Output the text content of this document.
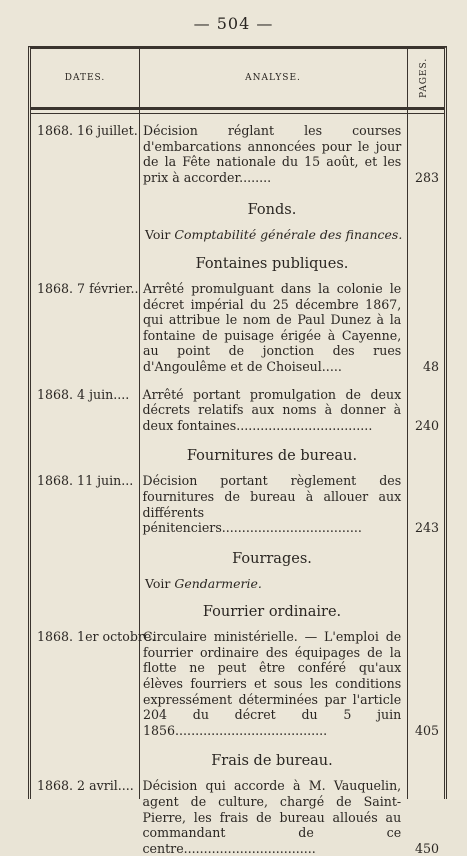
— 504 —
DATES.	ANALYSE.	PAGES.
1868. 16 juillet. Décision réglant les courses d'embarcations annoncées pour le jour de la Fête nationale du 15 août, et les prix à accorder........	283
Fonds.
Voir Comptabilité générale des finances.
Fontaines publiques.
1868. 7 février.. Arrêté promulguant dans la colonie le décret impérial du 25 décembre 1867, qui attribue le nom de Paul Dunez à la fontaine de puisage érigée à Cayenne, au point de jonction des rues d'Angoulême et de Choiseul.....	48
1868. 4 juin....	Arrêté portant promulgation de deux décrets relatifs aux noms à donner à deux fontaines..................................	240
Fournitures de bureau.
1868. 11 juin... Décision portant règlement des fournitures de bureau à allouer aux différents pénitenciers...................................	243
Fourrages.
Voir Gendarmerie.
Fourrier ordinaire.
1868. 1er octobre.
Circulaire ministérielle. — L'emploi de fourrier ordinaire des équipages de la flotte ne peut être conféré qu'aux élèves fourriers et sous les conditions expressément déterminées par l'article 204 du décret du 5 juin 1856......................................	405
Frais de bureau.
1868. 2 avril.... Décision qui accorde à M. Vauquelin, agent de culture, chargé de Saint-Pierre, les frais de bureau alloués au commandant de ce centre.................................	450
